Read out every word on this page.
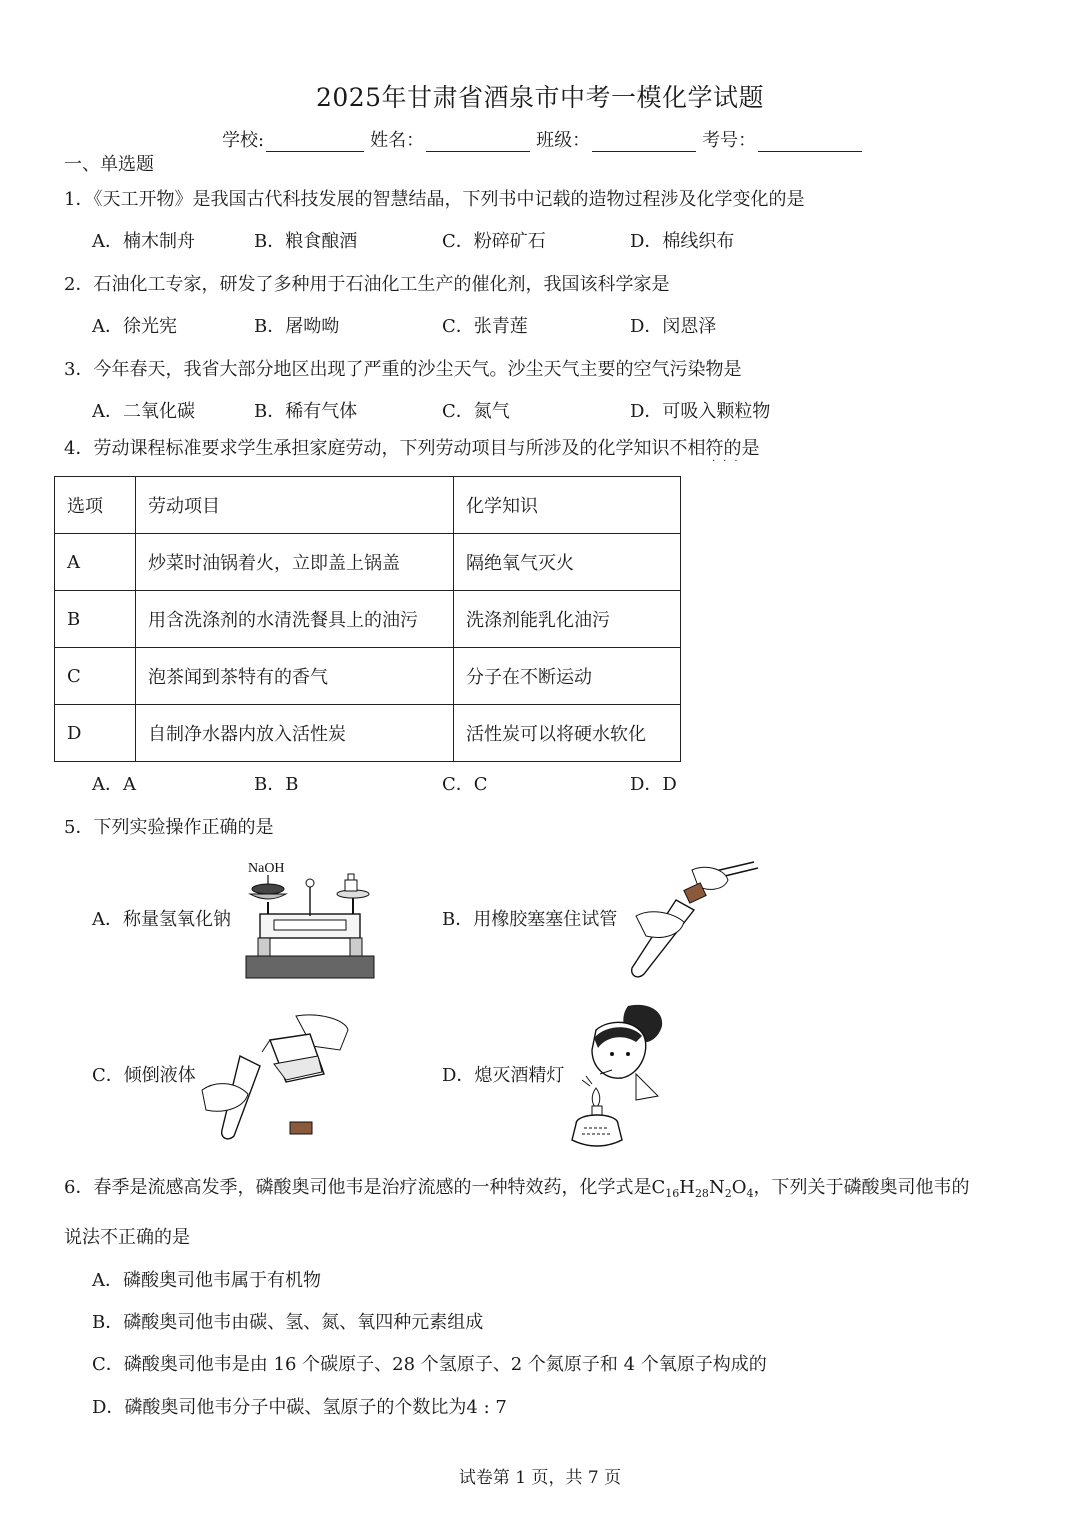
2025年甘肃省酒泉市中考一模化学试题
学校:	姓名：	班级：	考号：
一、单选题
1．《天工开物》是我国古代科技发展的智慧结晶，下列书中记载的造物过程涉及化学变化的是
A．楠木制舟	B．粮食酿酒	C．粉碎矿石	D．棉线织布
2．石油化工专家，研发了多种用于石油化工生产的催化剂，我国该科学家是
A．徐光宪	B．屠呦呦	C．张青莲	D．闵恩泽
3．今年春天，我省大部分地区出现了严重的沙尘天气。沙尘天气主要的空气污染物是
A．二氧化碳	B．稀有气体	C．氮气	D．可吸入颗粒物
4．劳动课程标准要求学生承担家庭劳动，下列劳动项目与所涉及的化学知识不相符的是
···
选项	劳动项目	化学知识
A	炒菜时油锅着火，立即盖上锅盖	隔绝氧气灭火
B	用含洗涤剂的水清洗餐具上的油污	洗涤剂能乳化油污
C	泡茶闻到茶特有的香气	分子在不断运动
D	自制净水器内放入活性炭	活性炭可以将硬水软化
A．A	B．B	C．C	D．D
5．下列实验操作正确的是
A．称量氢氧化钠	B．用橡胶塞塞住试管
C．倾倒液体	D．熄灭酒精灯
NaOH
6．春季是流感高发季，磷酸奥司他韦是治疗流感的一种特效药，化学式是$C_{16}H_{28}N_2O_4$，下列关于磷酸奥司他韦的
说法不正确的是
A．磷酸奥司他韦属于有机物
B．磷酸奥司他韦由碳、氢、氮、氧四种元素组成
C．磷酸奥司他韦是由 16 个碳原子、28 个氢原子、2 个氮原子和 4 个氧原子构成的
D．磷酸奥司他韦分子中碳、氢原子的个数比为4 : 7
试卷第 1 页，共 7 页
